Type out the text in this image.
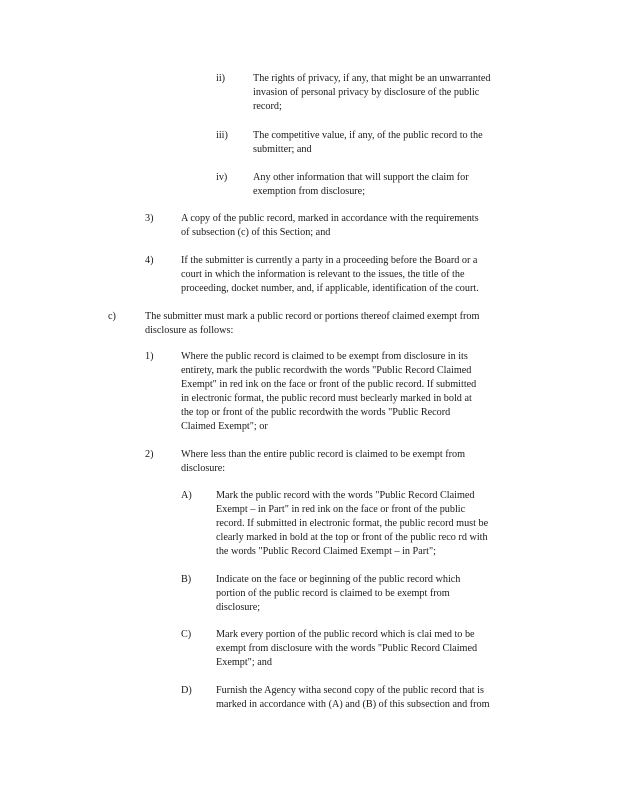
ii)	The rights of privacy, if any, that might be an unwarranted
invasion of personal privacy by disclosure of the public
record;
iii) The competitive value, if any, of the public record to the
submitter; and
iv)	Any other information that will support the claim for
exemption from disclosure;
3)	A copy of the public record, marked in accordance with the requirements
of subsection (c) of this Section; and
4)	If the submitter is currently a party in a proceeding before the Board or a
court in which the information is relevant to the issues, the title of the
proceeding, docket number, and, if applicable, identification of the court.
c)	The submitter must mark a public record or portions thereof claimed exempt from
disclosure as follows:
1)	Where the public record is claimed to be exempt from disclosure in its
entirety, mark the public recordwith the words "Public Record Claimed
Exempt" in red ink on the face or front of the public record. If submitted
in electronic format, the public record must beclearly marked in bold at
the top or front of the public recordwith the words "Public Record
Claimed Exempt"; or
2)	Where less than the entire public record is claimed to be exempt from
disclosure:
A) Mark the public record with the words "Public Record Claimed
Exempt – in Part" in red ink on the face or front of the public
record. If submitted in electronic format, the public record must be
clearly marked in bold at the top or front of the public reco rd with
the words "Public Record Claimed Exempt – in Part";
B) Indicate on the face or beginning of the public record which
portion of the public record is claimed to be exempt from
disclosure;
C) Mark every portion of the public record which is clai med to be
exempt from disclosure with the words "Public Record Claimed
Exempt"; and
D) Furnish the Agency witha second copy of the public record that is
marked in accordance with (A) and (B) of this subsection and from
